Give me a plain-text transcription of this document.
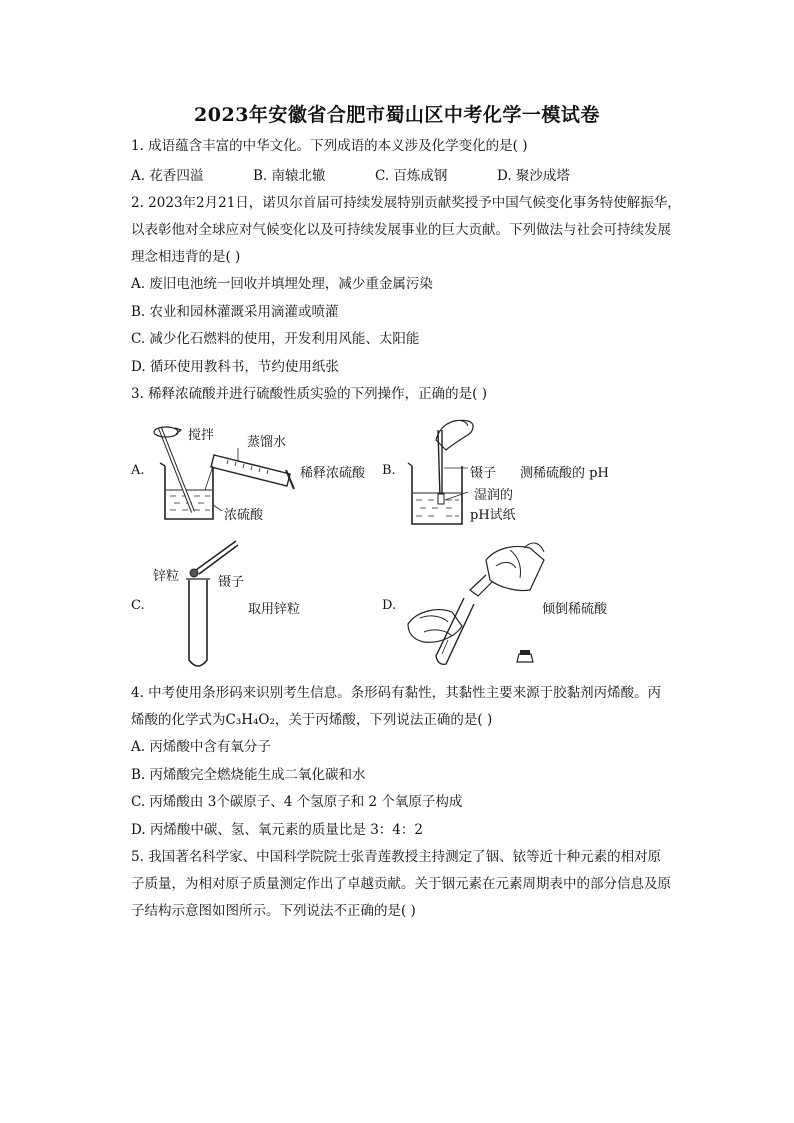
2023年安徽省合肥市蜀山区中考化学一模试卷
1. 成语蕴含丰富的中华文化。下列成语的本义涉及化学变化的是( )
A. 花香四溢	B. 南辕北辙	C. 百炼成钢	D. 聚沙成塔
2. 2023年2月21日，诺贝尔首届可持续发展特别贡献奖授予中国气候变化事务特使解振华，
以表彰他对全球应对气候变化以及可持续发展事业的巨大贡献。下列做法与社会可持续发展
理念相违背的是( )
A. 废旧电池统一回收并填埋处理，减少重金属污染
B. 农业和园林灌溉采用滴灌或喷灌
C. 减少化石燃料的使用，开发利用风能、太阳能
D. 循环使用教科书，节约使用纸张
3. 稀释浓硫酸并进行硫酸性质实验的下列操作，正确的是( )
A.
搅拌	蒸馏水
浓硫酸
稀释浓硫酸 B.	镊子 测稀硫酸的 pH
湿润的
pH试纸
C.
锌粒	镊子
取用锌粒	D.	倾倒稀硫酸
4. 中考使用条形码来识别考生信息。条形码有黏性，其黏性主要来源于胶黏剂丙烯酸。丙
烯酸的化学式为C₃H₄O₂，关于丙烯酸，下列说法正确的是( )
A. 丙烯酸中含有氧分子
B. 丙烯酸完全燃烧能生成二氧化碳和水
C. 丙烯酸由 3个碳原子、4 个氢原子和 2 个氧原子构成
D. 丙烯酸中碳、氢、氧元素的质量比是 3：4：2
5. 我国著名科学家、中国科学院院士张青莲教授主持测定了铟、铱等近十种元素的相对原
子质量，为相对原子质量测定作出了卓越贡献。关于铟元素在元素周期表中的部分信息及原
子结构示意图如图所示。下列说法不正确的是( )
